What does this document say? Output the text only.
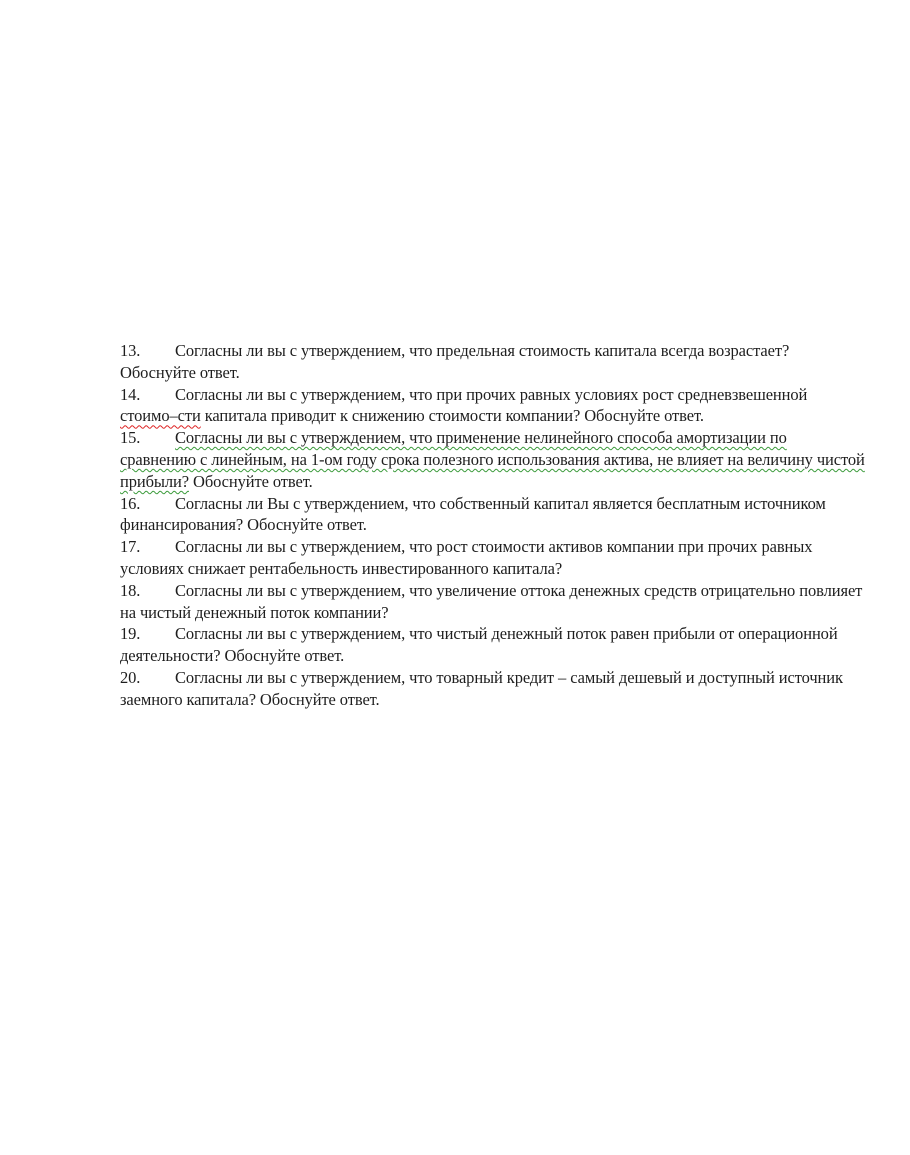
13. Согласны ли вы с утверждением, что предельная стоимость капитала всегда возрастает? Обоснуйте ответ.

14. Согласны ли вы с утверждением, что при прочих равных условиях рост средневзвешенной стоимо–сти капитала приводит к снижению стоимости компании? Обоснуйте ответ.

15. Согласны ли вы с утверждением, что применение нелинейного способа амортизации по сравнению с линейным, на 1-ом году срока полезного использования актива, не влияет на величину чистой прибыли? Обоснуйте ответ.

16. Согласны ли Вы с утверждением, что собственный капитал является бесплатным источником финансирования? Обоснуйте ответ.

17. Согласны ли вы с утверждением, что рост стоимости активов компании при прочих равных условиях снижает рентабельность инвестированного капитала?

18. Согласны ли вы с утверждением, что увеличение оттока денежных средств отрицательно повлияет на чистый денежный поток компании?

19. Согласны ли вы с утверждением, что чистый денежный поток равен прибыли от операционной деятельности? Обоснуйте ответ.

20. Согласны ли вы с утверждением, что товарный кредит – самый дешевый и доступный источник заемного капитала? Обоснуйте ответ.
